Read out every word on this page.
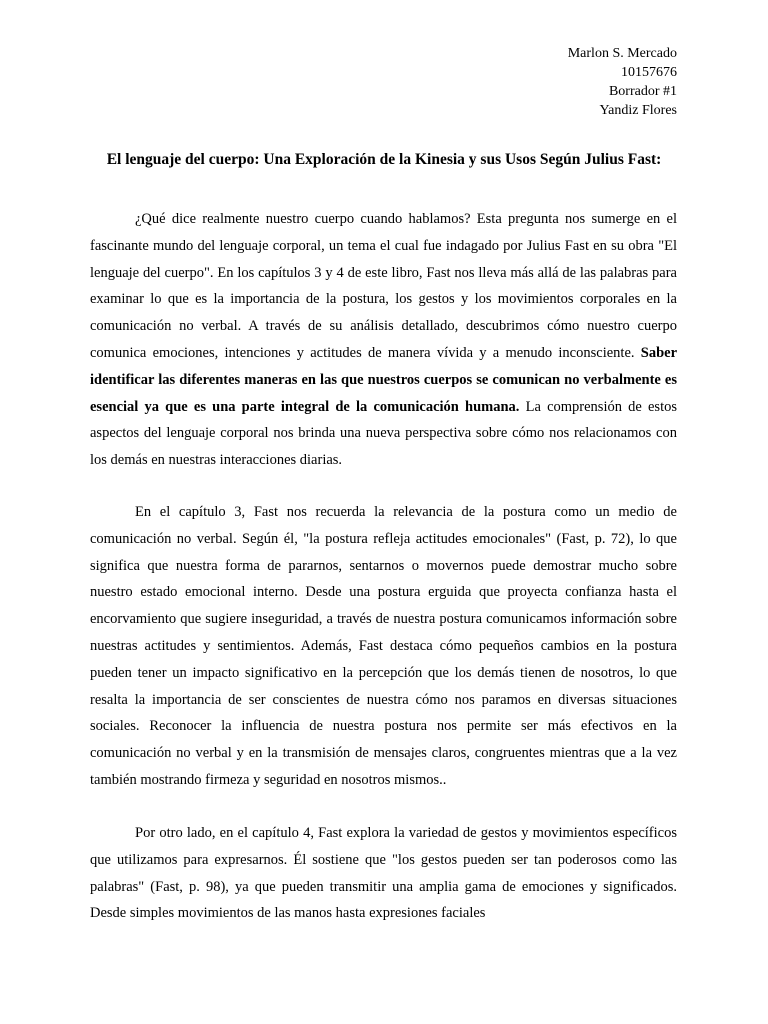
Marlon S. Mercado
10157676
Borrador #1
Yandiz Flores
El lenguaje del cuerpo: Una Exploración de la Kinesia y sus Usos Según Julius Fast:

¿Qué dice realmente nuestro cuerpo cuando hablamos? Esta pregunta nos sumerge en el fascinante mundo del lenguaje corporal, un tema el cual fue indagado por Julius Fast en su obra "El lenguaje del cuerpo". En los capítulos 3 y 4 de este libro, Fast nos lleva más allá de las palabras para examinar lo que es la importancia de la postura, los gestos y los movimientos corporales en la comunicación no verbal. A través de su análisis detallado, descubrimos cómo nuestro cuerpo comunica emociones, intenciones y actitudes de manera vívida y a menudo inconsciente. Saber identificar las diferentes maneras en las que nuestros cuerpos se comunican no verbalmente es esencial ya que es una parte integral de la comunicación humana. La comprensión de estos aspectos del lenguaje corporal nos brinda una nueva perspectiva sobre cómo nos relacionamos con los demás en nuestras interacciones diarias.

En el capítulo 3, Fast nos recuerda la relevancia de la postura como un medio de comunicación no verbal. Según él, "la postura refleja actitudes emocionales" (Fast, p. 72), lo que significa que nuestra forma de pararnos, sentarnos o movernos puede demostrar mucho sobre nuestro estado emocional interno. Desde una postura erguida que proyecta confianza hasta el encorvamiento que sugiere inseguridad, a través de nuestra postura comunicamos información sobre nuestras actitudes y sentimientos. Además, Fast destaca cómo pequeños cambios en la postura pueden tener un impacto significativo en la percepción que los demás tienen de nosotros, lo que resalta la importancia de ser conscientes de nuestra cómo nos paramos en diversas situaciones sociales. Reconocer la influencia de nuestra postura nos permite ser más efectivos en la comunicación no verbal y en la transmisión de mensajes claros, congruentes mientras que a la vez también mostrando firmeza y seguridad en nosotros mismos..

Por otro lado, en el capítulo 4, Fast explora la variedad de gestos y movimientos específicos que utilizamos para expresarnos. Él sostiene que "los gestos pueden ser tan poderosos como las palabras" (Fast, p. 98), ya que pueden transmitir una amplia gama de emociones y significados. Desde simples movimientos de las manos hasta expresiones faciales
